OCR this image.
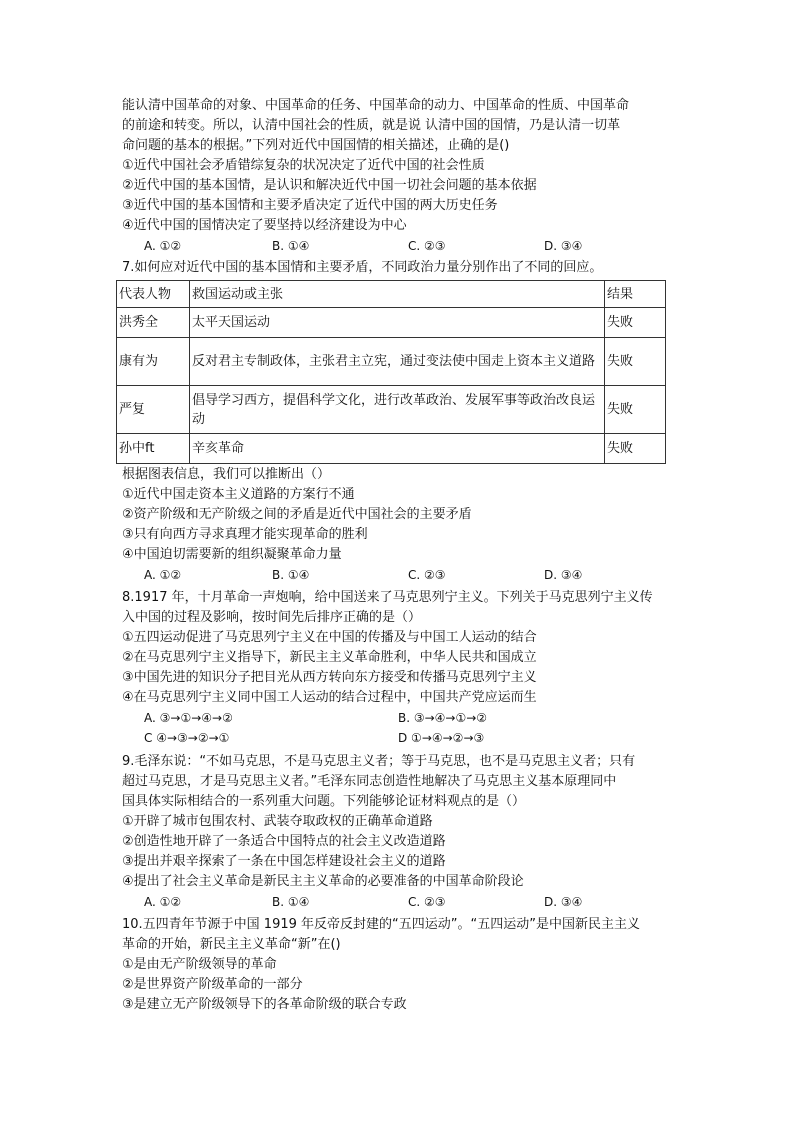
能认清中国革命的对象、中国革命的任务、中国革命的动力、中国革命的性质、中国革命
的前途和转变。所以，认清中国社会的性质，就是说 认清中国的国情，乃是认清一切革
命问题的基本的根据。”下列对近代中国国情的相关描述，止确的是()
①近代中国社会矛盾错综复杂的状况决定了近代中国的社会性质
②近代中国的基本国情，是认识和解决近代中国一切社会问题的基本依据
③近代中国的基本国情和主要矛盾决定了近代中国的两大历史任务
④近代中国的国情决定了要坚持以经济建设为中心
A. ①②	B. ①④	C. ②③	D. ③④
7.如何应对近代中国的基本国情和主要矛盾，不同政治力量分别作出了不同的回应。
代表人物	救国运动或主张	结果
洪秀全	太平天国运动	失败
康有为	反对君主专制政体，主张君主立宪，通过变法使中国走上资本主义道路	失败
严复	倡导学习西方，提倡科学文化，进行改革政治、发展军事等政治改良运动	失败
孙中ft	辛亥革命	失败
根据图表信息，我们可以推断出（）
①近代中国走资本主义道路的方案行不通
②资产阶级和无产阶级之间的矛盾是近代中国社会的主要矛盾
③只有向西方寻求真理才能实现革命的胜利
④中国迫切需要新的组织凝聚革命力量
A. ①②	B. ①④	C. ②③	D. ③④
8.1917 年，十月革命一声炮响，给中国送来了马克思列宁主义。下列关于马克思列宁主义传
入中国的过程及影响，按时间先后排序正确的是（）
①五四运动促进了马克思列宁主义在中国的传播及与中国工人运动的结合
②在马克思列宁主义指导下，新民主主义革命胜利，中华人民共和国成立
③中国先进的知识分子把目光从西方转向东方接受和传播马克思列宁主义
④在马克思列宁主义同中国工人运动的结合过程中，中国共产党应运而生
A. ③→①→④→②	B. ③→④→①→②
C ④→③→②→①	D ①→④→②→③
9.毛泽东说：“不如马克思，不是马克思主义者；等于马克思，也不是马克思主义者；只有
超过马克思，才是马克思主义者。”毛泽东同志创造性地解决了马克思主义基本原理同中
国具体实际相结合的一系列重大问题。下列能够论证材料观点的是（）
①开辟了城市包围农村、武装夺取政权的正确革命道路
②创造性地开辟了一条适合中国特点的社会主义改造道路
③提出并艰辛探索了一条在中国怎样建设社会主义的道路
④提出了社会主义革命是新民主主义革命的必要准备的中国革命阶段论
A. ①②	B. ①④	C. ②③	D. ③④
10.五四青年节源于中国 1919 年反帝反封建的“五四运动”。“五四运动”是中国新民主主义
革命的开始，新民主主义革命“新”在()
①是由无产阶级领导的革命
②是世界资产阶级革命的一部分
③是建立无产阶级领导下的各革命阶级的联合专政
